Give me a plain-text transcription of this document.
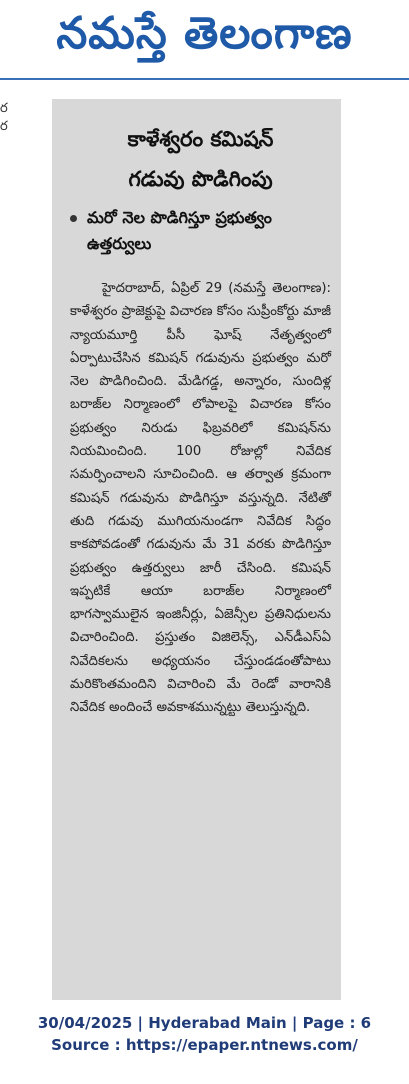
నమస్తే తెలంగాణ
ర
ర
కాళేశ్వరం కమిషన్
గడువు పొడిగింపు
మరో నెల పొడిగిస్తూ ప్రభుత్వం ఉత్తర్వులు

హైదరాబాద్, ఏప్రిల్ 29 (నమస్తే తెలంగాణ): కాళేశ్వరం ప్రాజెక్టుపై విచారణ కోసం సుప్రీంకోర్టు మాజీ న్యాయమూర్తి పీసీ ఘోష్ నేతృత్వంలో ఏర్పాటుచేసిన కమిషన్ గడువును ప్రభుత్వం మరో నెల పొడిగించింది. మేడిగడ్డ, అన్నారం, సుందిళ్ల బరాజ్‌ల నిర్మాణంలో లోపాలపై విచారణ కోసం ప్రభుత్వం నిరుడు ఫిబ్రవరిలో కమిషన్‌ను నియమించింది. 100 రోజుల్లో నివేదిక సమర్పించాలని సూచించింది. ఆ తర్వాత క్రమంగా కమిషన్ గడువును పొడిగిస్తూ వస్తున్నది. నేటితో తుది గడువు ముగియనుండగా నివేదిక సిద్ధం కాకపోవడంతో గడువును మే 31 వరకు పొడిగిస్తూ ప్రభుత్వం ఉత్తర్వులు జారీ చేసింది. కమిషన్ ఇప్పటికే ఆయా బరాజ్‌ల నిర్మాణంలో భాగస్వాములైన ఇంజినీర్లు, ఏజెన్సీల ప్రతినిధులను విచారించింది. ప్రస్తుతం విజిలెన్స్, ఎన్‌డీఎస్‌ఏ నివేదికలను అధ్యయనం చేస్తుండడంతోపాటు మరికొంతమందిని విచారించి మే రెండో వారానికి నివేదిక అందించే అవకాశమున్నట్టు తెలుస్తున్నది.

30/04/2025 | Hyderabad Main | Page : 6
Source : https://epaper.ntnews.com/
